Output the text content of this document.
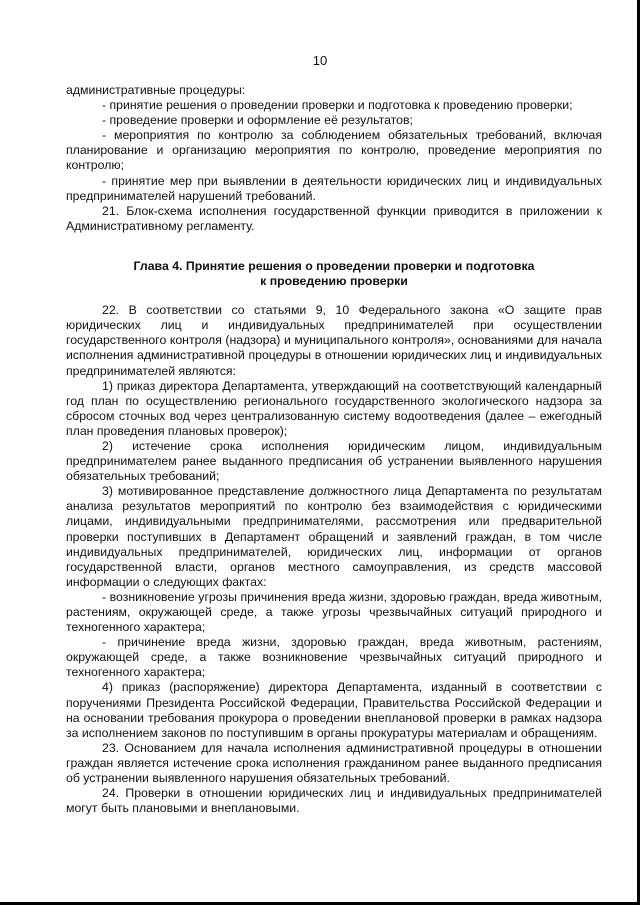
10

административные процедуры:

- принятие решения о проведении проверки и подготовка к проведению проверки;

- проведение проверки и оформление её результатов;

- мероприятия по контролю за соблюдением обязательных требований, включая планирование и организацию мероприятия по контролю, проведение мероприятия по контролю;

- принятие мер при выявлении в деятельности юридических лиц и индивидуальных предпринимателей нарушений требований.

21. Блок-схема исполнения государственной функции приводится в приложении к Административному регламенту.

Глава 4. Принятие решения о проведении проверки и подготовка
к проведению проверки

22. В соответствии со статьями 9, 10 Федерального закона «О защите прав юридических лиц и индивидуальных предпринимателей при осуществлении государственного контроля (надзора) и муниципального контроля», основаниями для начала исполнения административной процедуры в отношении юридических лиц и индивидуальных предпринимателей являются:

1) приказ директора Департамента, утверждающий на соответствующий календарный год план по осуществлению регионального государственного экологического надзора за сбросом сточных вод через централизованную систему водоотведения (далее – ежегодный план проведения плановых проверок);

2) истечение срока исполнения юридическим лицом, индивидуальным предпринимателем ранее выданного предписания об устранении выявленного нарушения обязательных требований;

3) мотивированное представление должностного лица Департамента по результатам анализа результатов мероприятий по контролю без взаимодействия с юридическими лицами, индивидуальными предпринимателями, рассмотрения или предварительной проверки поступивших в Департамент обращений и заявлений граждан, в том числе индивидуальных предпринимателей, юридических лиц, информации от органов государственной власти, органов местного самоуправления, из средств массовой информации о следующих фактах:

- возникновение угрозы причинения вреда жизни, здоровью граждан, вреда животным, растениям, окружающей среде, а также угрозы чрезвычайных ситуаций природного и техногенного характера;

- причинение вреда жизни, здоровью граждан, вреда животным, растениям, окружающей среде, а также возникновение чрезвычайных ситуаций природного и техногенного характера;

4) приказ (распоряжение) директора Департамента, изданный в соответствии с поручениями Президента Российской Федерации, Правительства Российской Федерации и на основании требования прокурора о проведении внеплановой проверки в рамках надзора за исполнением законов по поступившим в органы прокуратуры материалам и обращениям.

23. Основанием для начала исполнения административной процедуры в отношении граждан является истечение срока исполнения гражданином ранее выданного предписания об устранении выявленного нарушения обязательных требований.

24. Проверки в отношении юридических лиц и индивидуальных предпринимателей могут быть плановыми и внеплановыми.
